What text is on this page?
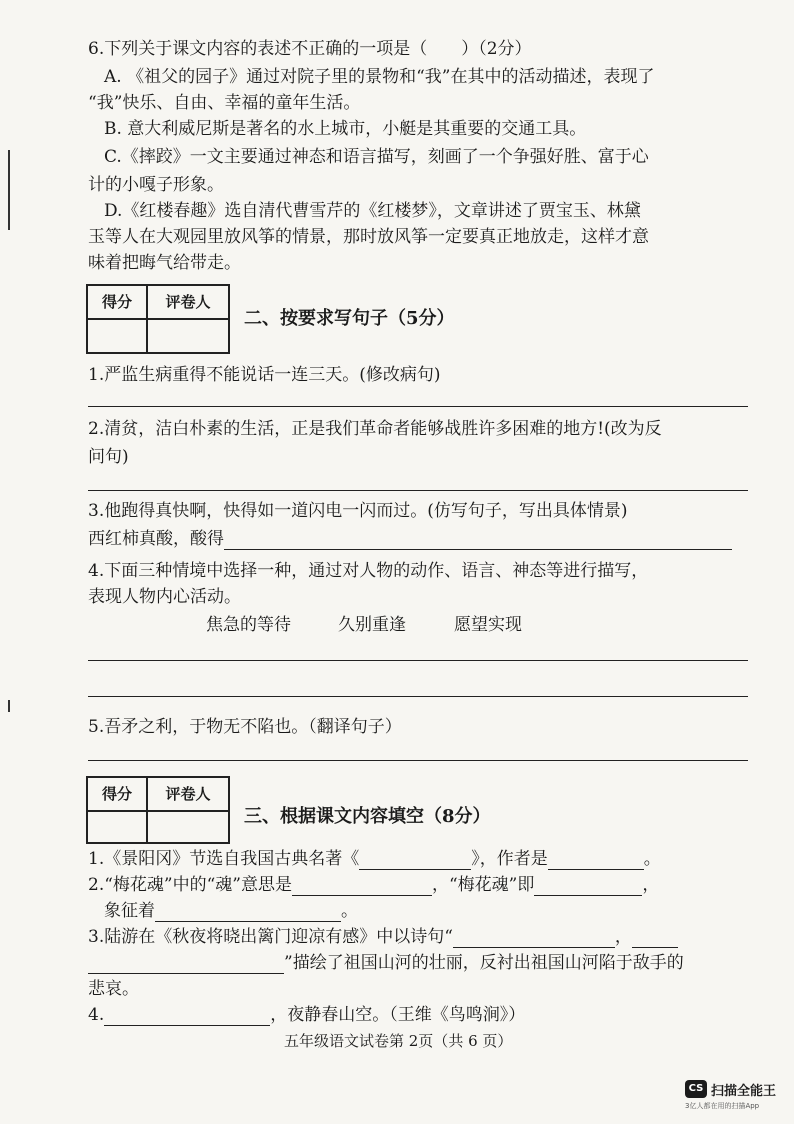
6.下列关于课文内容的表述不正确的一项是（　　）（2分）
A. 《祖父的园子》通过对院子里的景物和“我”在其中的活动描述，表现了
“我”快乐、自由、幸福的童年生活。
B. 意大利威尼斯是著名的水上城市，小艇是其重要的交通工具。
C.《摔跤》一文主要通过神态和语言描写，刻画了一个争强好胜、富于心
计的小嘎子形象。
D.《红楼春趣》选自清代曹雪芹的《红楼梦》，文章讲述了贾宝玉、林黛
玉等人在大观园里放风筝的情景，那时放风筝一定要真正地放走，这样才意
味着把晦气给带走。
得分	评卷人
二、按要求写句子（5分）
1.严监生病重得不能说话一连三天。(修改病句)
2.清贫，洁白朴素的生活，正是我们革命者能够战胜许多困难的地方!(改为反
问句)
3.他跑得真快啊，快得如一道闪电一闪而过。(仿写句子，写出具体情景)
西红柿真酸，酸得
4.下面三种情境中选择一种，通过对人物的动作、语言、神态等进行描写，
表现人物内心活动。
焦急的等待	久别重逢	愿望实现
5.吾矛之利，于物无不陷也。（翻译句子）
得分	评卷人
三、根据课文内容填空（8分）
1.《景阳冈》节选自我国古典名著《	》，作者是	。
2.“梅花魂”中的“魂”意思是	，“梅花魂”即	，
象征着	。
3.陆游在《秋夜将晓出篱门迎凉有感》中以诗句“	，
”描绘了祖国山河的壮丽，反衬出祖国山河陷于敌手的
悲哀。
4.	，夜静春山空。（王维《鸟鸣涧》）
五年级语文试卷第 2页（共 6 页）
CS 扫描全能王
3亿人都在用的扫描App
